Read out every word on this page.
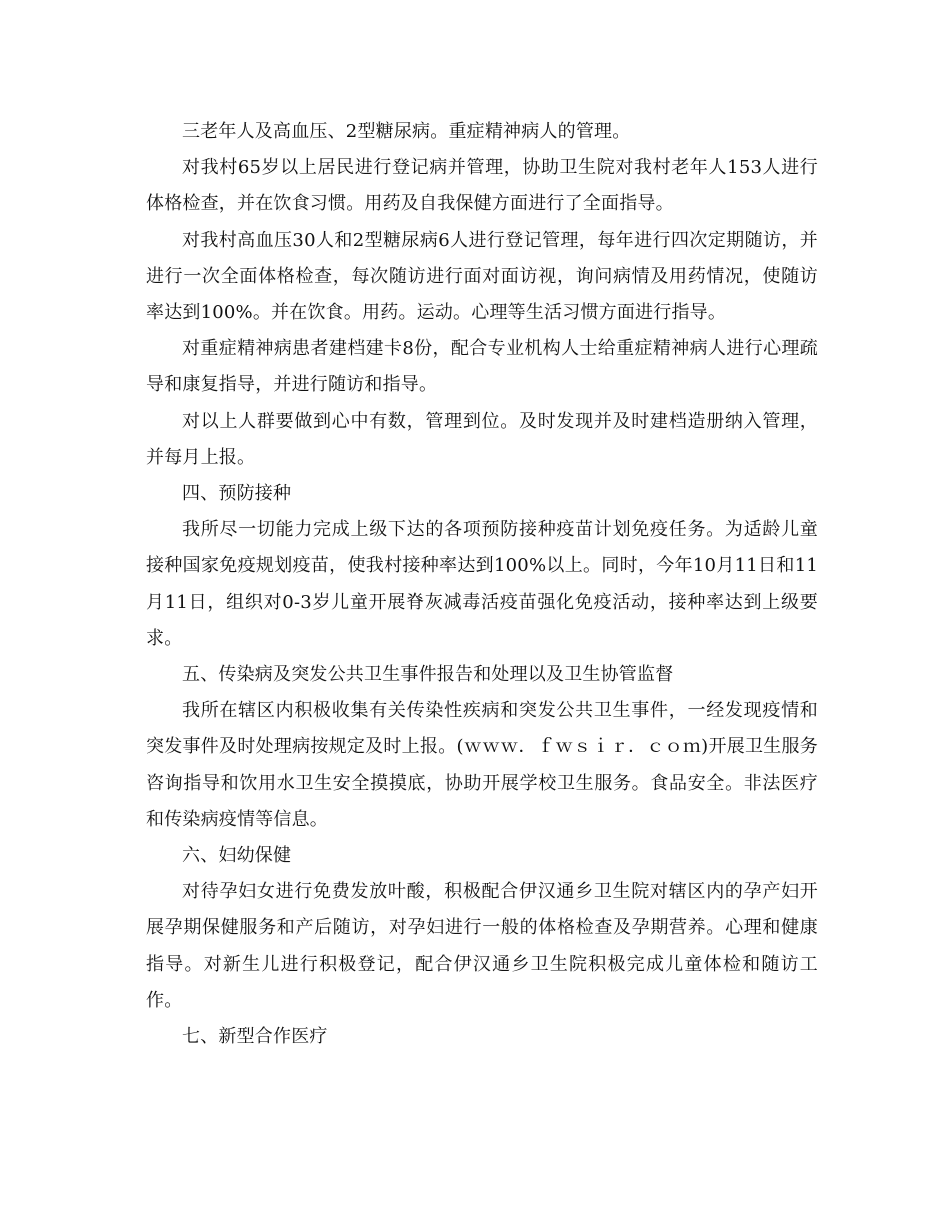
三老年人及高血压、2型糖尿病。重症精神病人的管理。

对我村65岁以上居民进行登记病并管理，协助卫生院对我村老年人153人进行体格检查，并在饮食习惯。用药及自我保健方面进行了全面指导。

对我村高血压30人和2型糖尿病6人进行登记管理，每年进行四次定期随访，并进行一次全面体格检查，每次随访进行面对面访视，询问病情及用药情况，使随访率达到100%。并在饮食。用药。运动。心理等生活习惯方面进行指导。

对重症精神病患者建档建卡8份，配合专业机构人士给重症精神病人进行心理疏导和康复指导，并进行随访和指导。

对以上人群要做到心中有数，管理到位。及时发现并及时建档造册纳入管理，并每月上报。

四、预防接种

我所尽一切能力完成上级下达的各项预防接种疫苗计划免疫任务。为适龄儿童接种国家免疫规划疫苗，使我村接种率达到100%以上。同时，今年10月11日和11月11日，组织对0-3岁儿童开展脊灰减毒活疫苗强化免疫活动，接种率达到上级要求。

五、传染病及突发公共卫生事件报告和处理以及卫生协管监督

我所在辖区内积极收集有关传染性疾病和突发公共卫生事件，一经发现疫情和突发事件及时处理病按规定及时上报。(ｗｗｗ．ｆｗｓｉｒ．ｃｏｍ)开展卫生服务咨询指导和饮用水卫生安全摸摸底，协助开展学校卫生服务。食品安全。非法医疗和传染病疫情等信息。

六、妇幼保健

对待孕妇女进行免费发放叶酸，积极配合伊汉通乡卫生院对辖区内的孕产妇开展孕期保健服务和产后随访，对孕妇进行一般的体格检查及孕期营养。心理和健康指导。对新生儿进行积极登记，配合伊汉通乡卫生院积极完成儿童体检和随访工作。

七、新型合作医疗
